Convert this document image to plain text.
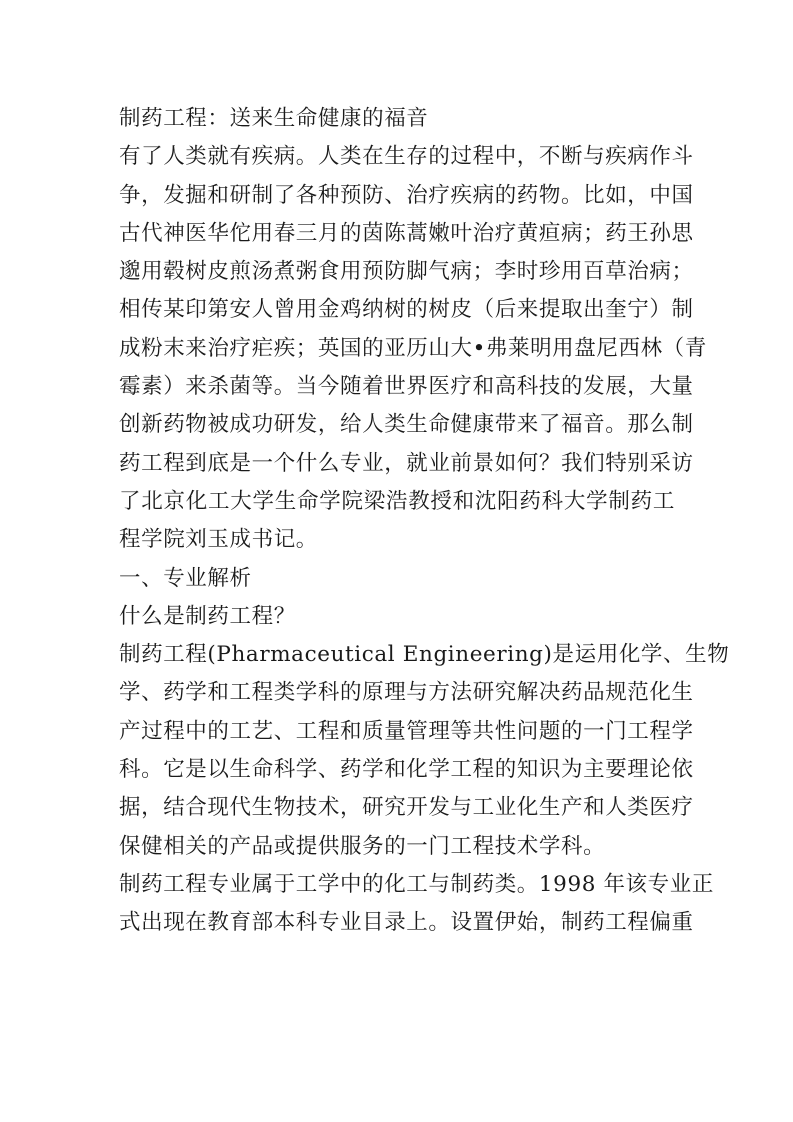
制药工程：送来生命健康的福音
有了人类就有疾病。人类在生存的过程中，不断与疾病作斗
争，发掘和研制了各种预防、治疗疾病的药物。比如，中国
古代神医华佗用春三月的茵陈蒿嫩叶治疗黄疸病；药王孙思
邈用毂树皮煎汤煮粥食用预防脚气病；李时珍用百草治病；
相传某印第安人曾用金鸡纳树的树皮（后来提取出奎宁）制
成粉末来治疗疟疾；英国的亚历山大•弗莱明用盘尼西林（青
霉素）来杀菌等。当今随着世界医疗和高科技的发展，大量
创新药物被成功研发，给人类生命健康带来了福音。那么制
药工程到底是一个什么专业，就业前景如何？我们特别采访
了北京化工大学生命学院梁浩教授和沈阳药科大学制药工
程学院刘玉成书记。
一、专业解析
什么是制药工程？
制药工程(Pharmaceutical Engineering)是运用化学、生物
学、药学和工程类学科的原理与方法研究解决药品规范化生
产过程中的工艺、工程和质量管理等共性问题的一门工程学
科。它是以生命科学、药学和化学工程的知识为主要理论依
据，结合现代生物技术，研究开发与工业化生产和人类医疗
保健相关的产品或提供服务的一门工程技术学科。
制药工程专业属于工学中的化工与制药类。1998 年该专业正
式出现在教育部本科专业目录上。设置伊始，制药工程偏重
